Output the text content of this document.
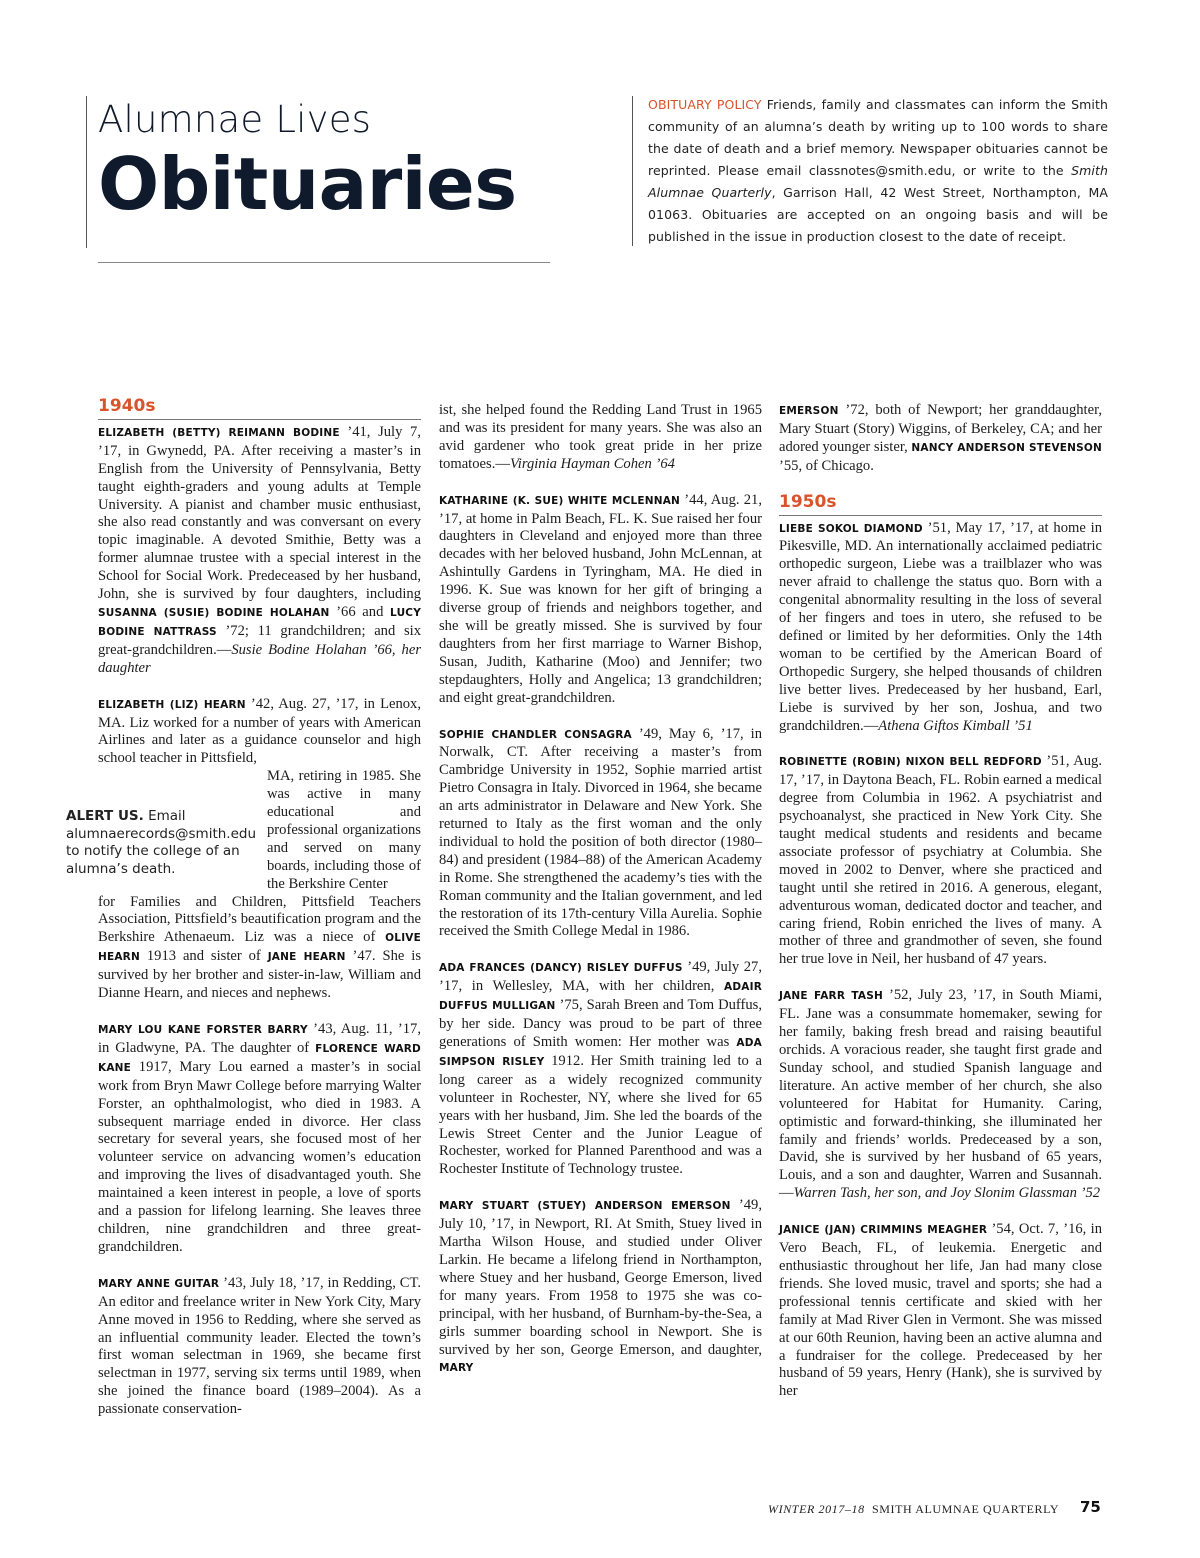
Alumnae Lives
Obituaries
OBITUARY POLICY Friends, family and classmates can inform the Smith community of an alumna’s death by writing up to 100 words to share the date of death and a brief memory. Newspaper obituaries cannot be reprinted. Please email classnotes@smith.edu, or write to the Smith Alumnae Quarterly, Garrison Hall, 42 West Street, Northampton, MA 01063. Obituaries are accepted on an ongoing basis and will be published in the issue in production closest to the date of receipt.
1940s

ELIZABETH (BETTY) REIMANN BODINE ’41, July 7, ’17, in Gwynedd, PA. After receiving a master’s in English from the University of Pennsylvania, Betty taught eighth-graders and young adults at Temple University. A pianist and chamber music enthusiast, she also read constantly and was conversant on every topic imaginable. A devoted Smithie, Betty was a former alumnae trustee with a special interest in the School for Social Work. Predeceased by her husband, John, she is survived by four daughters, including SUSANNA (SUSIE) BODINE HOLAHAN ’66 and LUCY BODINE NATTRASS ’72; 11 grandchildren; and six great-grandchildren.—Susie Bodine Holahan ’66, her daughter

ELIZABETH (LIZ) HEARN ’42, Aug. 27, ’17, in Lenox, MA. Liz worked for a number of years with American Airlines and later as a guidance counselor and high school teacher in Pittsfield,

MA, retiring in 1985. She was active in many educational and professional organizations and served on many boards, including those of the Berkshire Center

for Families and Children, Pittsfield Teachers Association, Pittsfield’s beautification program and the Berkshire Athenaeum. Liz was a niece of OLIVE HEARN 1913 and sister of JANE HEARN ’47. She is survived by her brother and sister-in-law, William and Dianne Hearn, and nieces and nephews.

MARY LOU KANE FORSTER BARRY ’43, Aug. 11, ’17, in Gladwyne, PA. The daughter of FLORENCE WARD KANE 1917, Mary Lou earned a master’s in social work from Bryn Mawr College before marrying Walter Forster, an ophthalmologist, who died in 1983. A subsequent marriage ended in divorce. Her class secretary for several years, she focused most of her volunteer service on advancing women’s education and improving the lives of disadvantaged youth. She maintained a keen interest in people, a love of sports and a passion for lifelong learning. She leaves three children, nine grandchildren and three great-grandchildren.

MARY ANNE GUITAR ’43, July 18, ’17, in Redding, CT. An editor and freelance writer in New York City, Mary Anne moved in 1956 to Redding, where she served as an influential community leader. Elected the town’s first woman selectman in 1969, she became first selectman in 1977, serving six terms until 1989, when she joined the finance board (1989–2004). As a passionate conservation-

ALERT US. Email alumnaerecords@smith.edu to notify the college of an alumna’s death.

ist, she helped found the Redding Land Trust in 1965 and was its president for many years. She was also an avid gardener who took great pride in her prize tomatoes.—Virginia Hayman Cohen ’64

KATHARINE (K. SUE) WHITE MCLENNAN ’44, Aug. 21, ’17, at home in Palm Beach, FL. K. Sue raised her four daughters in Cleveland and enjoyed more than three decades with her beloved husband, John McLennan, at Ashintully Gardens in Tyringham, MA. He died in 1996. K. Sue was known for her gift of bringing a diverse group of friends and neighbors together, and she will be greatly missed. She is survived by four daughters from her first marriage to Warner Bishop, Susan, Judith, Katharine (Moo) and Jennifer; two stepdaughters, Holly and Angelica; 13 grandchildren; and eight great-grandchildren.

SOPHIE CHANDLER CONSAGRA ’49, May 6, ’17, in Norwalk, CT. After receiving a master’s from Cambridge University in 1952, Sophie married artist Pietro Consagra in Italy. Divorced in 1964, she became an arts administrator in Delaware and New York. She returned to Italy as the first woman and the only individual to hold the position of both director (1980–84) and president (1984–88) of the American Academy in Rome. She strengthened the academy’s ties with the Roman community and the Italian government, and led the restoration of its 17th-century Villa Aurelia. Sophie received the Smith College Medal in 1986.

ADA FRANCES (DANCY) RISLEY DUFFUS ’49, July 27, ’17, in Wellesley, MA, with her children, ADAIR DUFFUS MULLIGAN ’75, Sarah Breen and Tom Duffus, by her side. Dancy was proud to be part of three generations of Smith women: Her mother was ADA SIMPSON RISLEY 1912. Her Smith training led to a long career as a widely recognized community volunteer in Rochester, NY, where she lived for 65 years with her husband, Jim. She led the boards of the Lewis Street Center and the Junior League of Rochester, worked for Planned Parenthood and was a Rochester Institute of Technology trustee.

MARY STUART (STUEY) ANDERSON EMERSON ’49, July 10, ’17, in Newport, RI. At Smith, Stuey lived in Martha Wilson House, and studied under Oliver Larkin. He became a lifelong friend in Northampton, where Stuey and her husband, George Emerson, lived for many years. From 1958 to 1975 she was co-principal, with her husband, of Burnham-by-the-Sea, a girls summer boarding school in Newport. She is survived by her son, George Emerson, and daughter, MARY

EMERSON ’72, both of Newport; her granddaughter, Mary Stuart (Story) Wiggins, of Berkeley, CA; and her adored younger sister, NANCY ANDERSON STEVENSON ’55, of Chicago.

1950s

LIEBE SOKOL DIAMOND ’51, May 17, ’17, at home in Pikesville, MD. An internationally acclaimed pediatric orthopedic surgeon, Liebe was a trailblazer who was never afraid to challenge the status quo. Born with a congenital abnormality resulting in the loss of several of her fingers and toes in utero, she refused to be defined or limited by her deformities. Only the 14th woman to be certified by the American Board of Orthopedic Surgery, she helped thousands of children live better lives. Predeceased by her husband, Earl, Liebe is survived by her son, Joshua, and two grandchildren.—Athena Giftos Kimball ’51

ROBINETTE (ROBIN) NIXON BELL REDFORD ’51, Aug. 17, ’17, in Daytona Beach, FL. Robin earned a medical degree from Columbia in 1962. A psychiatrist and psychoanalyst, she practiced in New York City. She taught medical students and residents and became associate professor of psychiatry at Columbia. She moved in 2002 to Denver, where she practiced and taught until she retired in 2016. A generous, elegant, adventurous woman, dedicated doctor and teacher, and caring friend, Robin enriched the lives of many. A mother of three and grandmother of seven, she found her true love in Neil, her husband of 47 years.

JANE FARR TASH ’52, July 23, ’17, in South Miami, FL. Jane was a consummate homemaker, sewing for her family, baking fresh bread and raising beautiful orchids. A voracious reader, she taught first grade and Sunday school, and studied Spanish language and literature. An active member of her church, she also volunteered for Habitat for Humanity. Caring, optimistic and forward-thinking, she illuminated her family and friends’ worlds. Predeceased by a son, David, she is survived by her husband of 65 years, Louis, and a son and daughter, Warren and Susannah.—Warren Tash, her son, and Joy Slonim Glassman ’52

JANICE (JAN) CRIMMINS MEAGHER ’54, Oct. 7, ’16, in Vero Beach, FL, of leukemia. Energetic and enthusiastic throughout her life, Jan had many close friends. She loved music, travel and sports; she had a professional tennis certificate and skied with her family at Mad River Glen in Vermont. She was missed at our 60th Reunion, having been an active alumna and a fundraiser for the college. Predeceased by her husband of 59 years, Henry (Hank), she is survived by her

WINTER 2017–18 SMITH ALUMNAE QUARTERLY 75
